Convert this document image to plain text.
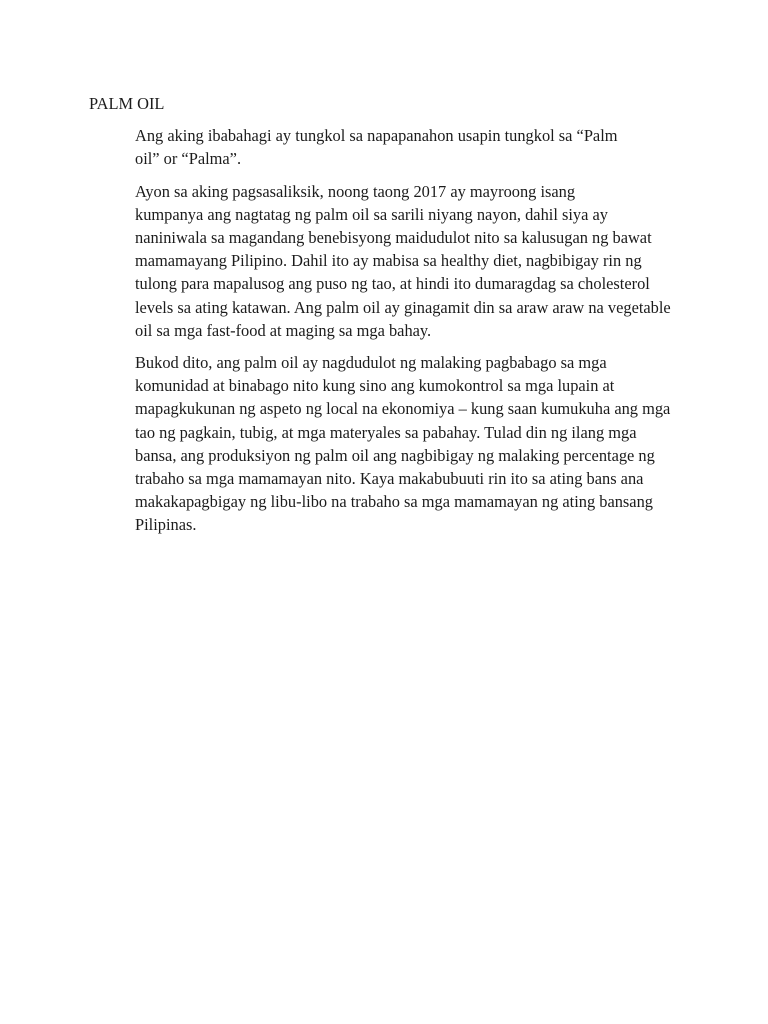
PALM OIL

Ang aking ibabahagi ay tungkol sa napapanahon usapin tungkol sa “Palm
oil” or “Palma”.

Ayon sa aking pagsasaliksik, noong taong 2017 ay mayroong isang
kumpanya ang nagtatag ng palm oil sa sarili niyang nayon, dahil siya ay
naniniwala sa magandang benebisyong maidudulot nito sa kalusugan ng bawat
mamamayang Pilipino. Dahil ito ay mabisa sa healthy diet, nagbibigay rin ng
tulong para mapalusog ang puso ng tao, at hindi ito dumaragdag sa cholesterol
levels sa ating katawan. Ang palm oil ay ginagamit din sa araw araw na vegetable
oil sa mga fast-food at maging sa mga bahay.

Bukod dito, ang palm oil ay nagdudulot ng malaking pagbabago sa mga
komunidad at binabago nito kung sino ang kumokontrol sa mga lupain at
mapagkukunan ng aspeto ng local na ekonomiya – kung saan kumukuha ang mga
tao ng pagkain, tubig, at mga materyales sa pabahay. Tulad din ng ilang mga
bansa, ang produksiyon ng palm oil ang nagbibigay ng malaking percentage ng
trabaho sa mga mamamayan nito. Kaya makabubuuti rin ito sa ating bans ana
makakapagbigay ng libu-libo na trabaho sa mga mamamayan ng ating bansang
Pilipinas.
